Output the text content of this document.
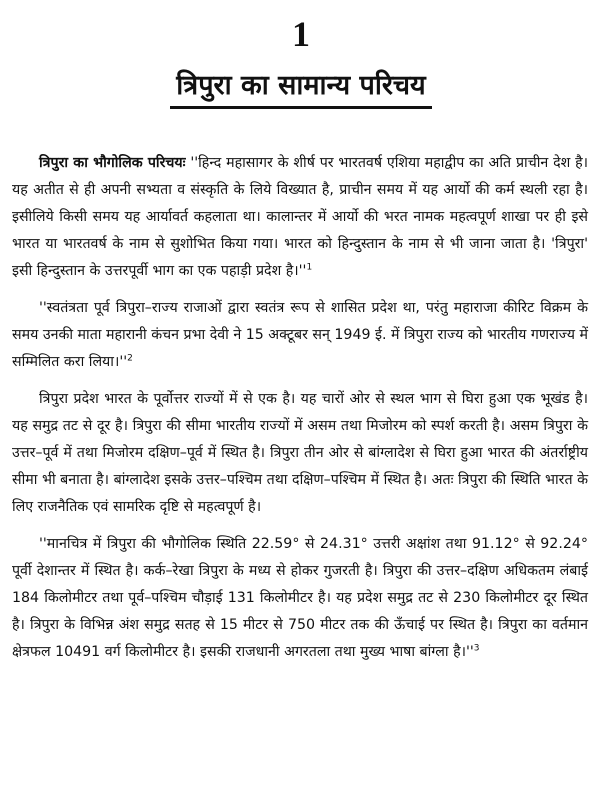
1
त्रिपुरा का सामान्य परिचय

त्रिपुरा का भौगोलिक परिचयः ''हिन्द महासागर के शीर्ष पर भारतवर्ष एशिया महाद्वीप का अति प्राचीन देश है। यह अतीत से ही अपनी सभ्यता व संस्कृति के लिये विख्यात है, प्राचीन समय में यह आर्यो की कर्म स्थली रहा है। इसीलिये किसी समय यह आर्यावर्त कहलाता था। कालान्तर में आर्यो की भरत नामक महत्वपूर्ण शाखा पर ही इसे भारत या भारतवर्ष के नाम से सुशोभित किया गया। भारत को हिन्दुस्तान के नाम से भी जाना जाता है। 'त्रिपुरा' इसी हिन्दुस्तान के उत्तरपूर्वी भाग का एक पहाड़ी प्रदेश $है।''^1$

''स्वतंत्रता पूर्व त्रिपुरा–राज्य राजाओं द्वारा स्वतंत्र रूप से शासित प्रदेश था, परंतु महाराजा कीरिट विक्रम के समय उनकी माता महारानी कंचन प्रभा देवी ने 15 अक्टूबर सन् 1949 ई. में त्रिपुरा राज्य को भारतीय गणराज्य में सम्मिलित करा $लिया।''^2$

त्रिपुरा प्रदेश भारत के पूर्वोत्तर राज्यों में से एक है। यह चारों ओर से स्थल भाग से घिरा हुआ एक भूखंड है। यह समुद्र तट से दूर है। त्रिपुरा की सीमा भारतीय राज्यों में असम तथा मिजोरम को स्पर्श करती है। असम त्रिपुरा के उत्तर–पूर्व में तथा मिजोरम दक्षिण–पूर्व में स्थित है। त्रिपुरा तीन ओर से बांग्लादेश से घिरा हुआ भारत की अंतर्राष्ट्रीय सीमा भी बनाता है। बांग्लादेश इसके उत्तर–पश्चिम तथा दक्षिण–पश्चिम में स्थित है। अतः त्रिपुरा की स्थिति भारत के लिए राजनैतिक एवं सामरिक दृष्टि से महत्वपूर्ण है।

''मानचित्र में त्रिपुरा की भौगोलिक स्थिति 22.59° से 24.31° उत्तरी अक्षांश तथा 91.12° से 92.24° पूर्वी देशान्तर में स्थित है। कर्क–रेखा त्रिपुरा के मध्य से होकर गुजरती है। त्रिपुरा की उत्तर–दक्षिण अधिकतम लंबाई 184 किलोमीटर तथा पूर्व–पश्चिम चौड़ाई 131 किलोमीटर है। यह प्रदेश समुद्र तट से 230 किलोमीटर दूर स्थित है। त्रिपुरा के विभिन्न अंश समुद्र सतह से 15 मीटर से 750 मीटर तक की ऊँचाई पर स्थित है। त्रिपुरा का वर्तमान क्षेत्रफल 10491 वर्ग किलोमीटर है। इसकी राजधानी अगरतला तथा मुख्य भाषा बांग्ला $है।''^3$
